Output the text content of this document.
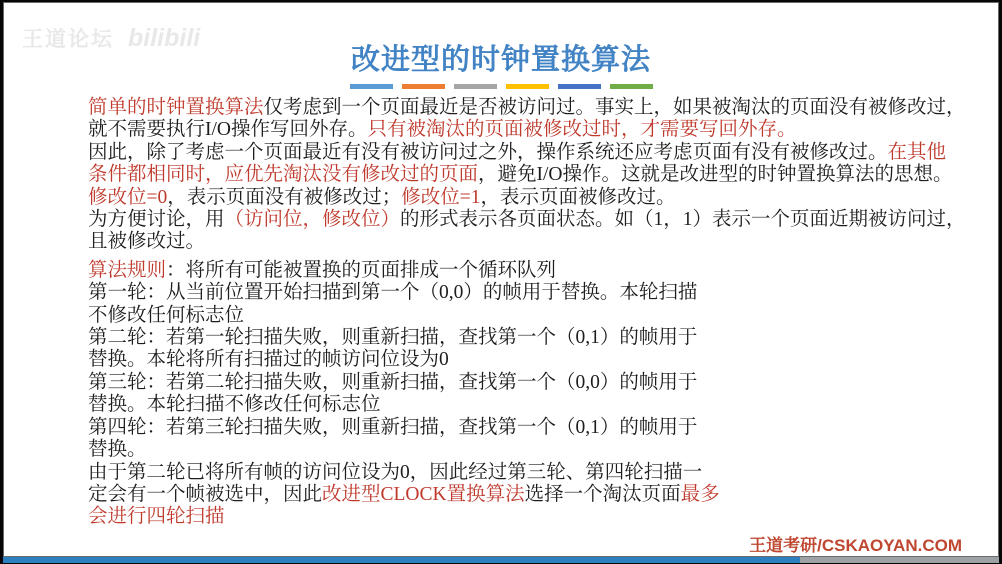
王道论坛 bilibili
改进型的时钟置换算法
简单的时钟置换算法仅考虑到一个页面最近是否被访问过。事实上，如果被淘汰的页面没有被修改过，
就不需要执行I/O操作写回外存。只有被淘汰的页面被修改过时，才需要写回外存。
因此，除了考虑一个页面最近有没有被访问过之外，操作系统还应考虑页面有没有被修改过。在其他
条件都相同时，应优先淘汰没有修改过的页面，避免I/O操作。这就是改进型的时钟置换算法的思想。
修改位=0，表示页面没有被修改过；修改位=1，表示页面被修改过。
为方便讨论，用（访问位，修改位）的形式表示各页面状态。如（1，1）表示一个页面近期被访问过，
且被修改过。
算法规则：将所有可能被置换的页面排成一个循环队列
第一轮：从当前位置开始扫描到第一个（0,0）的帧用于替换。本轮扫描
不修改任何标志位
第二轮：若第一轮扫描失败，则重新扫描，查找第一个（0,1）的帧用于
替换。本轮将所有扫描过的帧访问位设为0
第三轮：若第二轮扫描失败，则重新扫描，查找第一个（0,0）的帧用于
替换。本轮扫描不修改任何标志位
第四轮：若第三轮扫描失败，则重新扫描，查找第一个（0,1）的帧用于
替换。
由于第二轮已将所有帧的访问位设为0，因此经过第三轮、第四轮扫描一
定会有一个帧被选中，因此改进型CLOCK置换算法选择一个淘汰页面最多
会进行四轮扫描
王道考研/CSKAOYAN.COM
